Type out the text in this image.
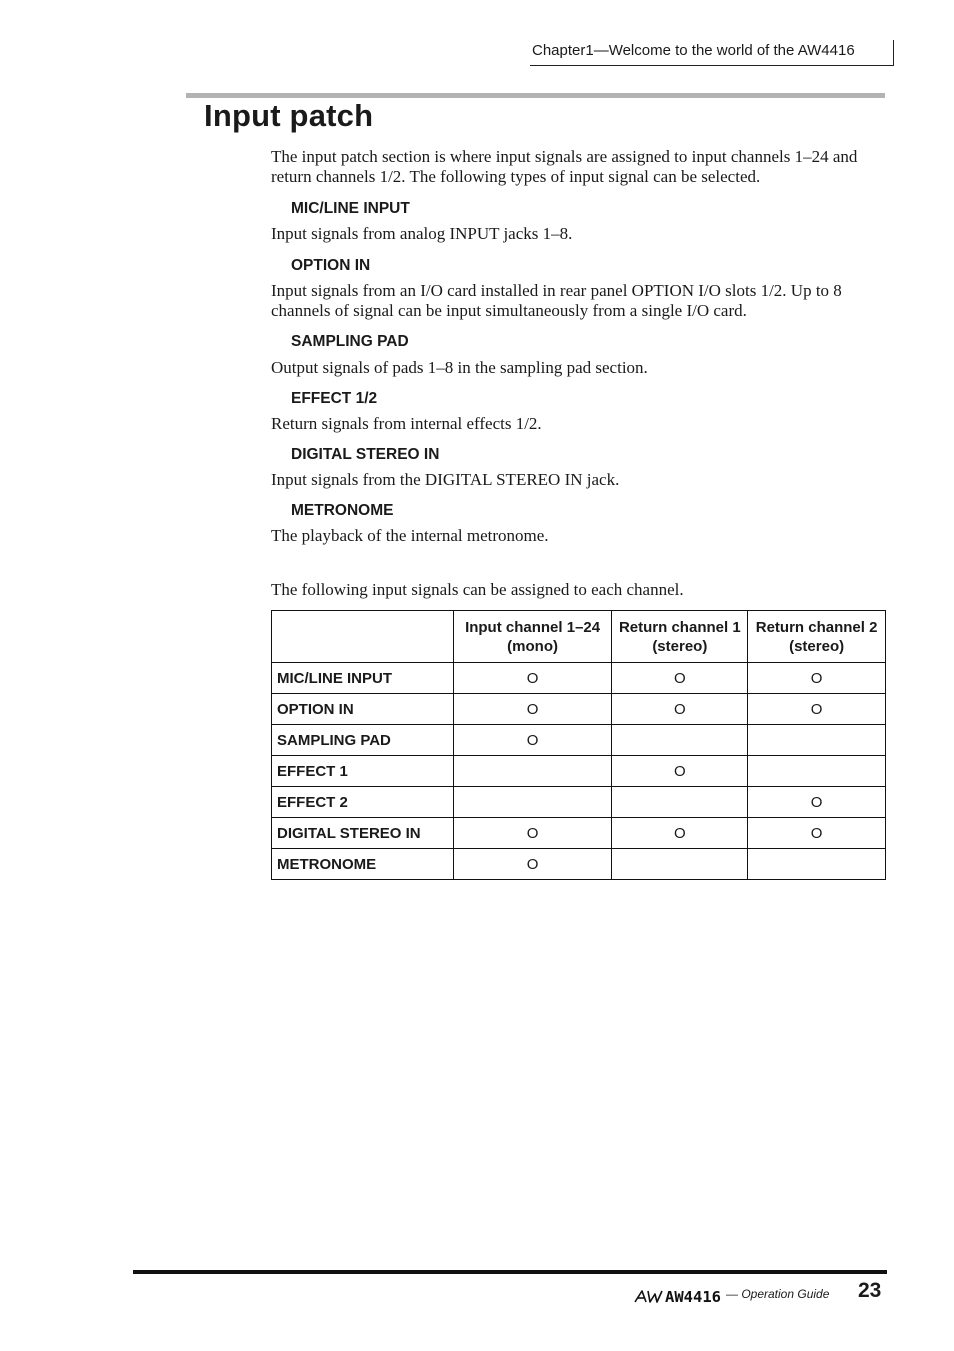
Chapter1—Welcome to the world of the AW4416
Input patch

The input patch section is where input signals are assigned to input channels 1–24 and return channels 1/2. The following types of input signal can be selected.

MIC/LINE INPUT

Input signals from analog INPUT jacks 1–8.

OPTION IN

Input signals from an I/O card installed in rear panel OPTION I/O slots 1/2. Up to 8 channels of signal can be input simultaneously from a single I/O card.

SAMPLING PAD

Output signals of pads 1–8 in the sampling pad section.

EFFECT 1/2

Return signals from internal effects 1/2.

DIGITAL STEREO IN

Input signals from the DIGITAL STEREO IN jack.

METRONOME

The playback of the internal metronome.

The following input signals can be assigned to each channel.

	Input channel 1–24 (mono)	Return channel 1 (stereo)	Return channel 2 (stereo)
MIC/LINE INPUT	O	O	O
OPTION IN	O	O	O
SAMPLING PAD	O		
EFFECT 1		O	
EFFECT 2			O
DIGITAL STEREO IN	O	O	O
METRONOME	O		
AW4416 — Operation Guide 23
